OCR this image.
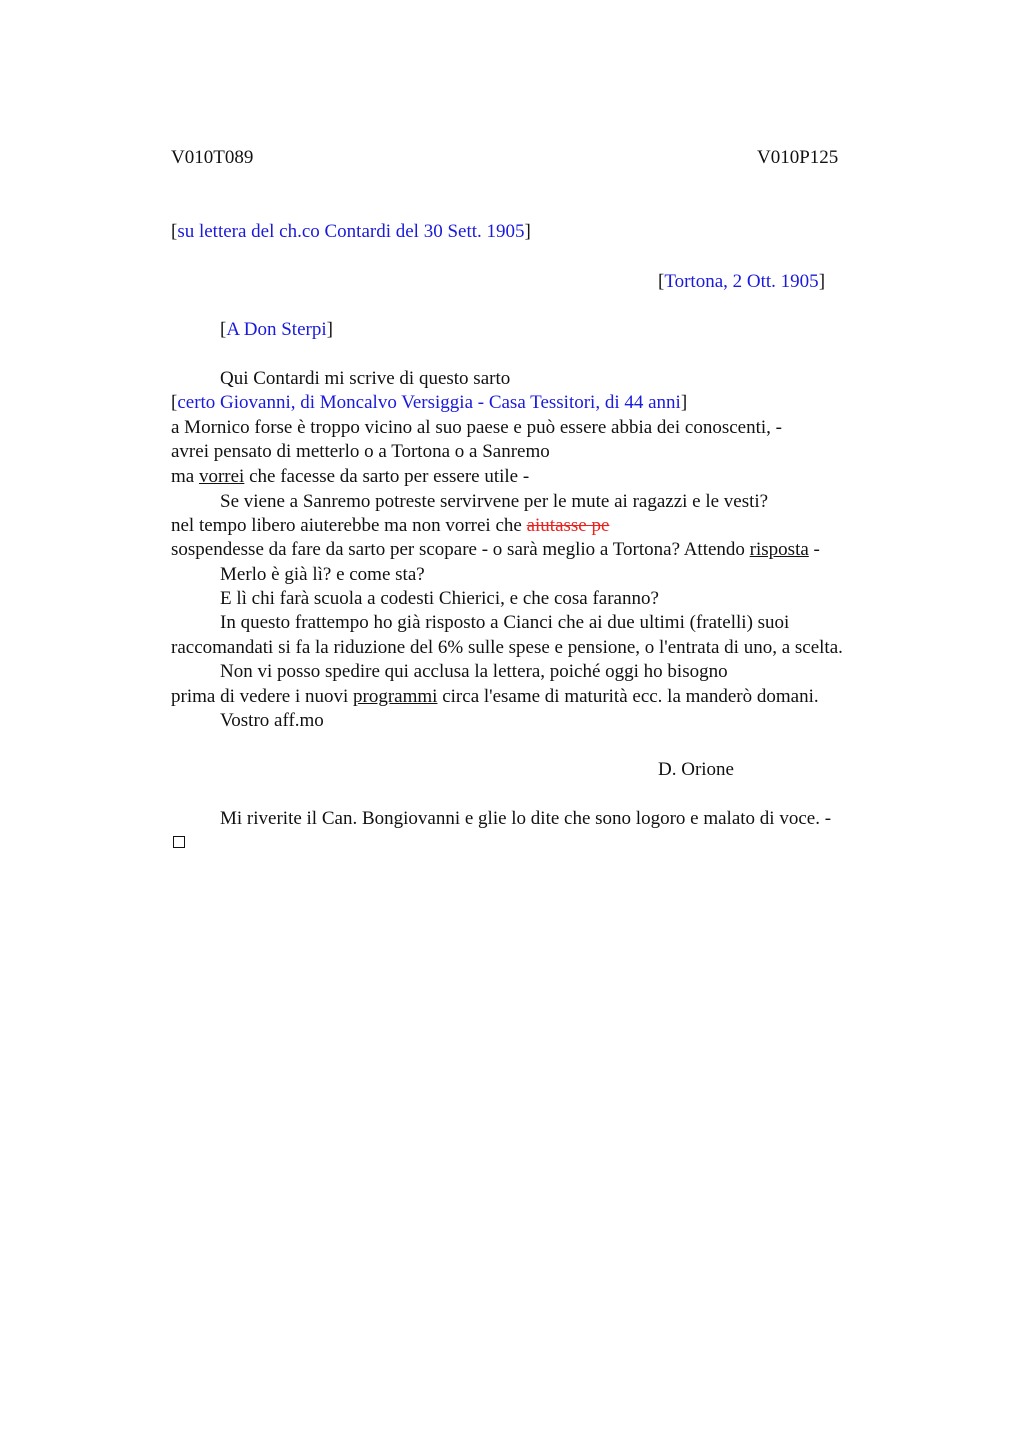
V010T089	V010P125
[su lettera del ch.co Contardi del 30 Sett. 1905]
[Tortona, 2 Ott. 1905]
[A Don Sterpi]
Qui Contardi mi scrive di questo sarto
[certo Giovanni, di Moncalvo Versiggia - Casa Tessitori, di 44 anni]
a Mornico forse è troppo vicino al suo paese e può essere abbia dei conoscenti, -
avrei pensato di metterlo o a Tortona o a Sanremo
ma vorrei che facesse da sarto per essere utile -
Se viene a Sanremo potreste servirvene per le mute ai ragazzi e le vesti?
nel tempo libero aiuterebbe ma non vorrei che aiutasse pe
sospendesse da fare da sarto per scopare - o sarà meglio a Tortona? Attendo risposta -
Merlo è già lì? e come sta?
E lì chi farà scuola a codesti Chierici, e che cosa faranno?
In questo frattempo ho già risposto a Cianci che ai due ultimi (fratelli) suoi
raccomandati si fa la riduzione del 6% sulle spese e pensione, o l'entrata di uno, a scelta.
Non vi posso spedire qui acclusa la lettera, poiché oggi ho bisogno
prima di vedere i nuovi programmi circa l'esame di maturità ecc. la manderò domani.
Vostro aff.mo
D. Orione
Mi riverite il Can. Bongiovanni e glie lo dite che sono logoro e malato di voce. -
